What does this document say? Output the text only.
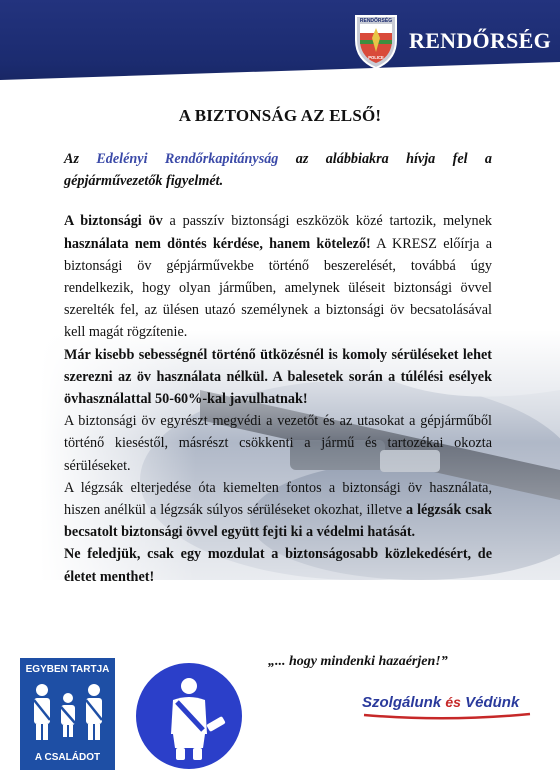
RENDŐRSÉG
POLICE
RENDŐRSÉG
A BIZTONSÁG AZ ELSŐ!

Az Edelényi Rendőrkapitányság az alábbiakra hívja fel a gépjárművezetők figyelmét.

A biztonsági öv a passzív biztonsági eszközök közé tartozik, melynek használata nem döntés kérdése, hanem kötelező! A KRESZ előírja a biztonsági öv gépjárművekbe történő beszerelését, továbbá úgy rendelkezik, hogy olyan járműben, amelynek üléseit biztonsági övvel szerelték fel, az ülésen utazó személynek a biztonsági öv becsatolásával kell magát rögzítenie.

Már kisebb sebességnél történő ütközésnél is komoly sérüléseket lehet szerezni az öv használata nélkül. A balesetek során a túlélési esélyek övhasználattal 50-60%-kal javulhatnak!

A biztonsági öv egyrészt megvédi a vezetőt és az utasokat a gépjárműből történő kieséstől, másrészt csökkenti a jármű és tartozékai okozta sérüléseket.

A légzsák elterjedése óta kiemelten fontos a biztonsági öv használata, hiszen anélkül a légzsák súlyos sérüléseket okozhat, illetve a légzsák csak becsatolt biztonsági övvel együtt fejti ki a védelmi hatását.

Ne feledjük, csak egy mozdulat a biztonságosabb közlekedésért, de életet menthet!

„... hogy mindenki hazaérjen!”
EGYBEN TARTJA
A CSALÁDOT
Szolgálunk és Védünk
